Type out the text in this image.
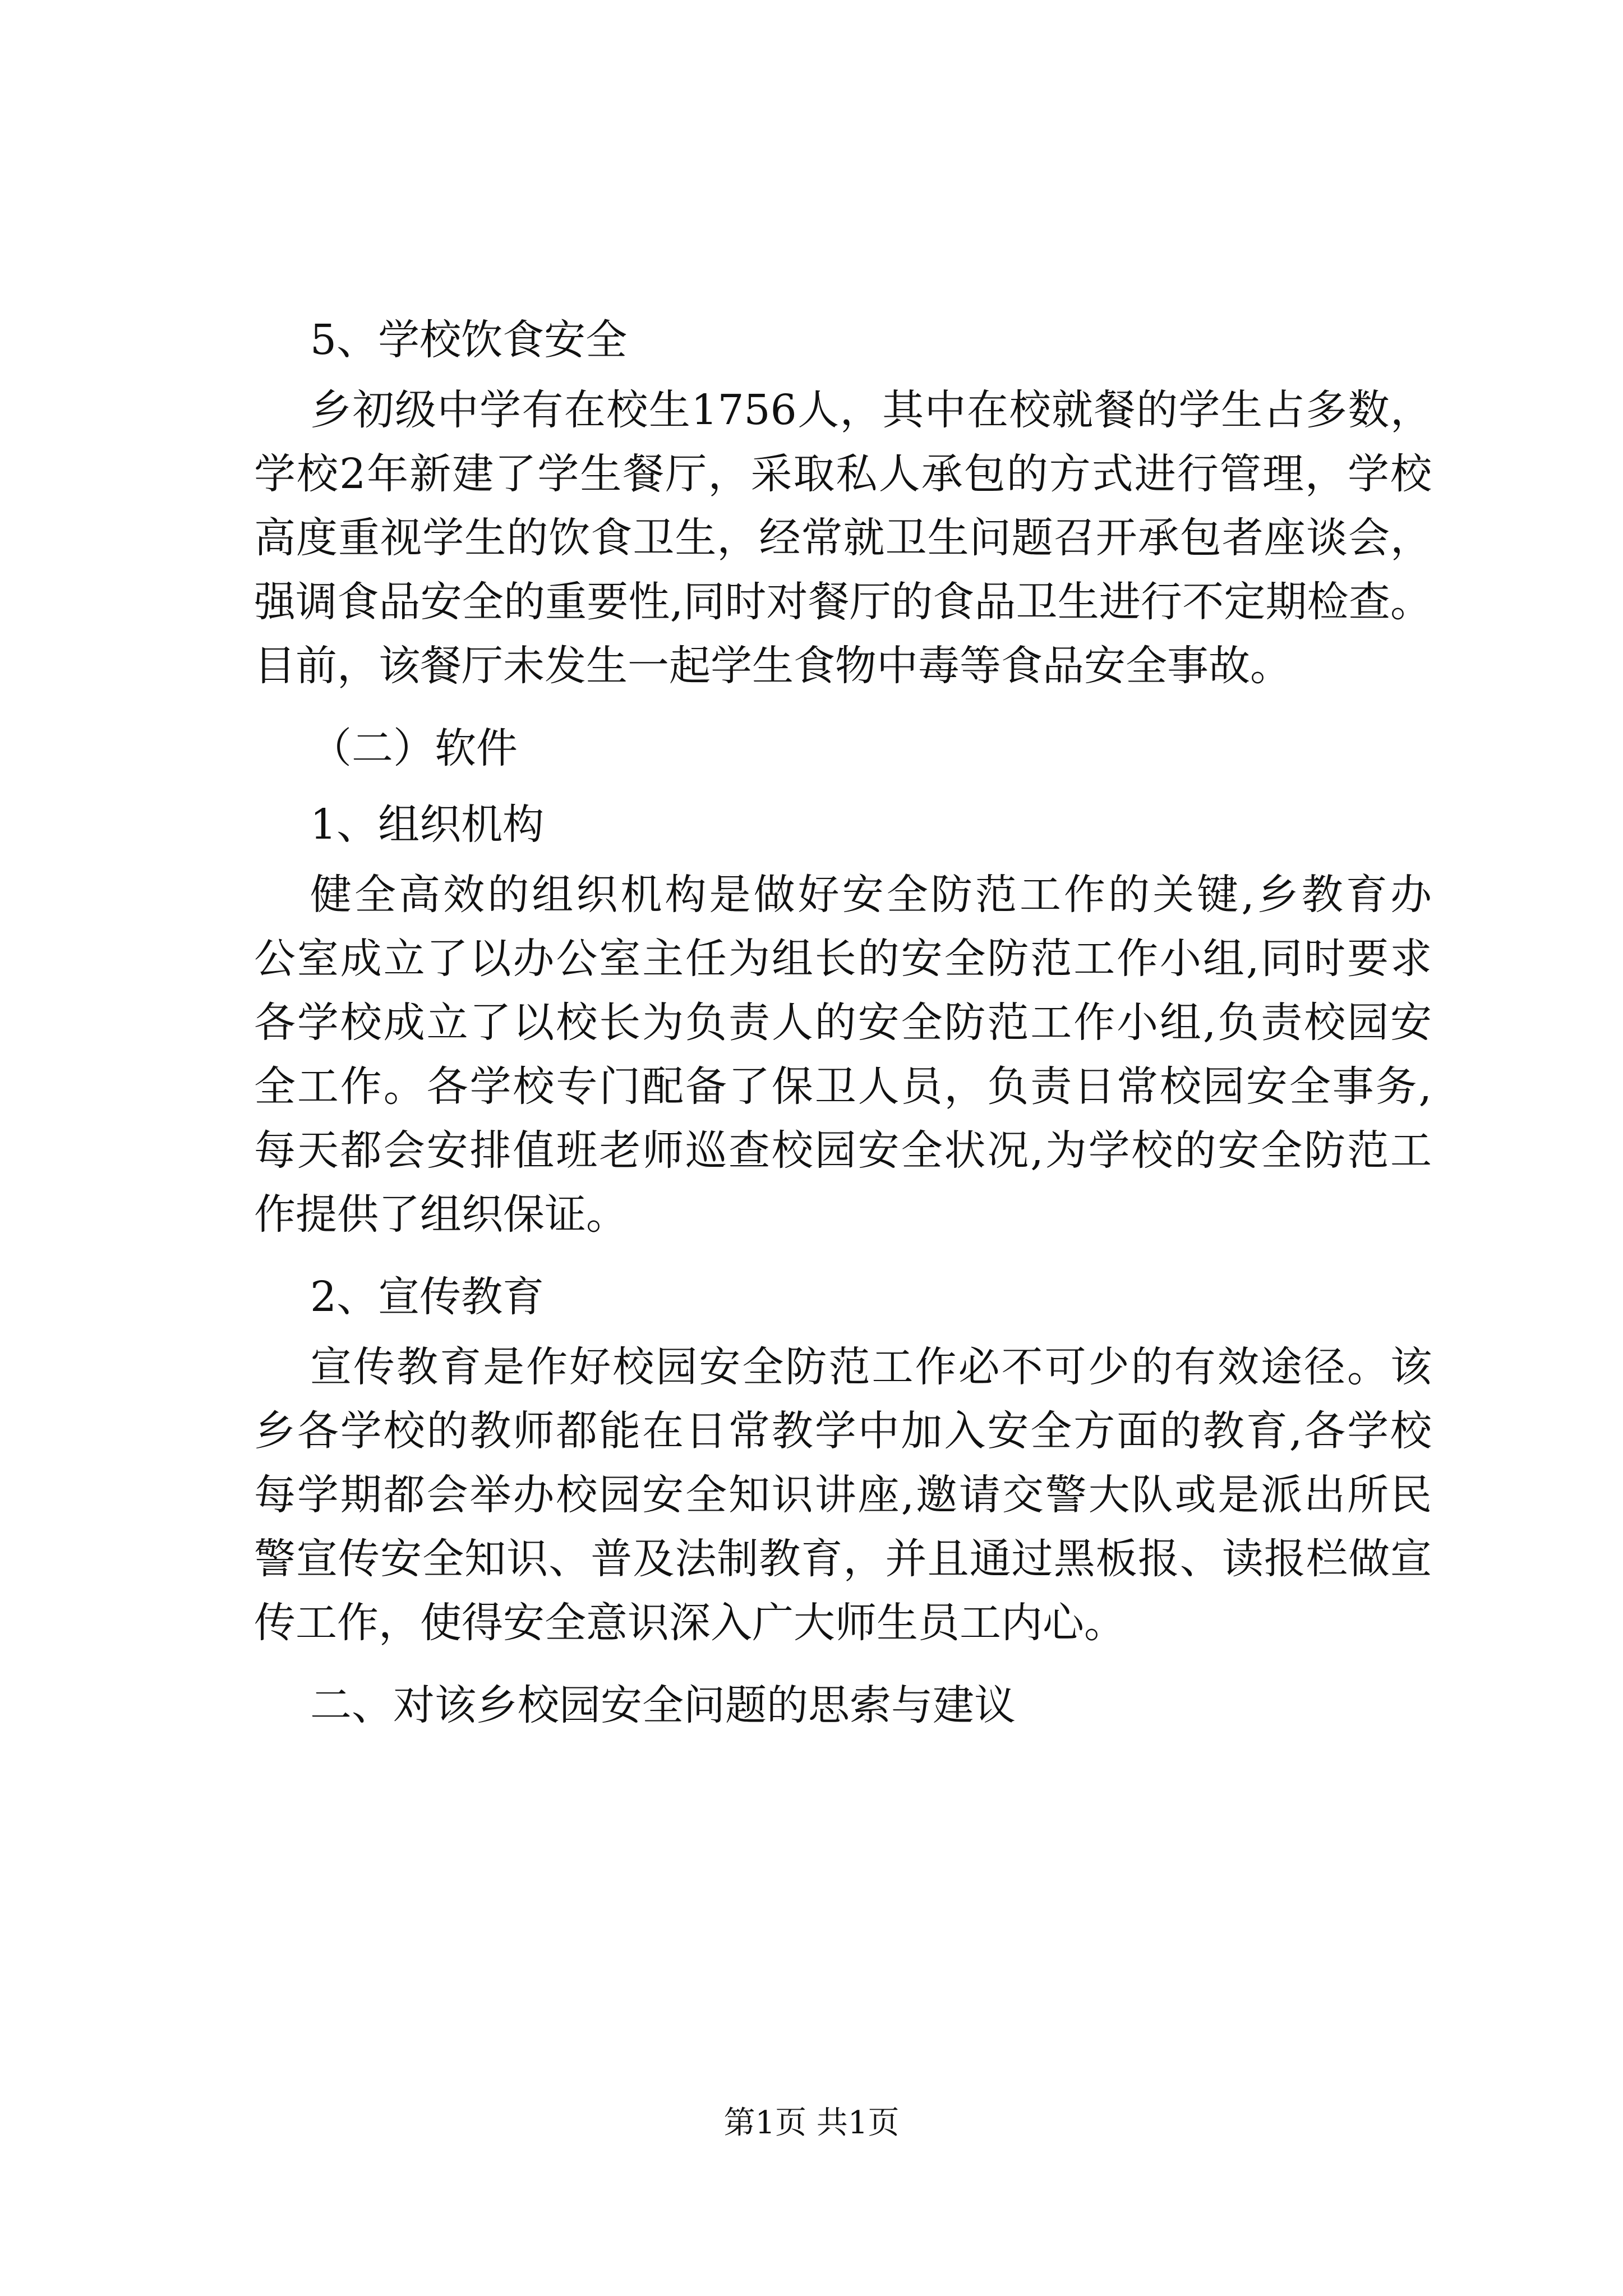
5、学校饮食安全
乡初级中学有在校生1756人，其中在校就餐的学生占多数，
学校2年新建了学生餐厅，采取私人承包的方式进行管理，学校
高度重视学生的饮食卫生，经常就卫生问题召开承包者座谈会，
强调食品安全的重要性,同时对餐厅的食品卫生进行不定期检查。
目前，该餐厅未发生一起学生食物中毒等食品安全事故。
（二）软件
1、组织机构
健全高效的组织机构是做好安全防范工作的关键,乡教育办
公室成立了以办公室主任为组长的安全防范工作小组,同时要求
各学校成立了以校长为负责人的安全防范工作小组,负责校园安
全工作。各学校专门配备了保卫人员，负责日常校园安全事务,
每天都会安排值班老师巡查校园安全状况,为学校的安全防范工
作提供了组织保证。
2、宣传教育
宣传教育是作好校园安全防范工作必不可少的有效途径。该
乡各学校的教师都能在日常教学中加入安全方面的教育,各学校
每学期都会举办校园安全知识讲座,邀请交警大队或是派出所民
警宣传安全知识、普及法制教育，并且通过黑板报、读报栏做宣
传工作，使得安全意识深入广大师生员工内心。
二、对该乡校园安全问题的思索与建议
第1页 共1页
